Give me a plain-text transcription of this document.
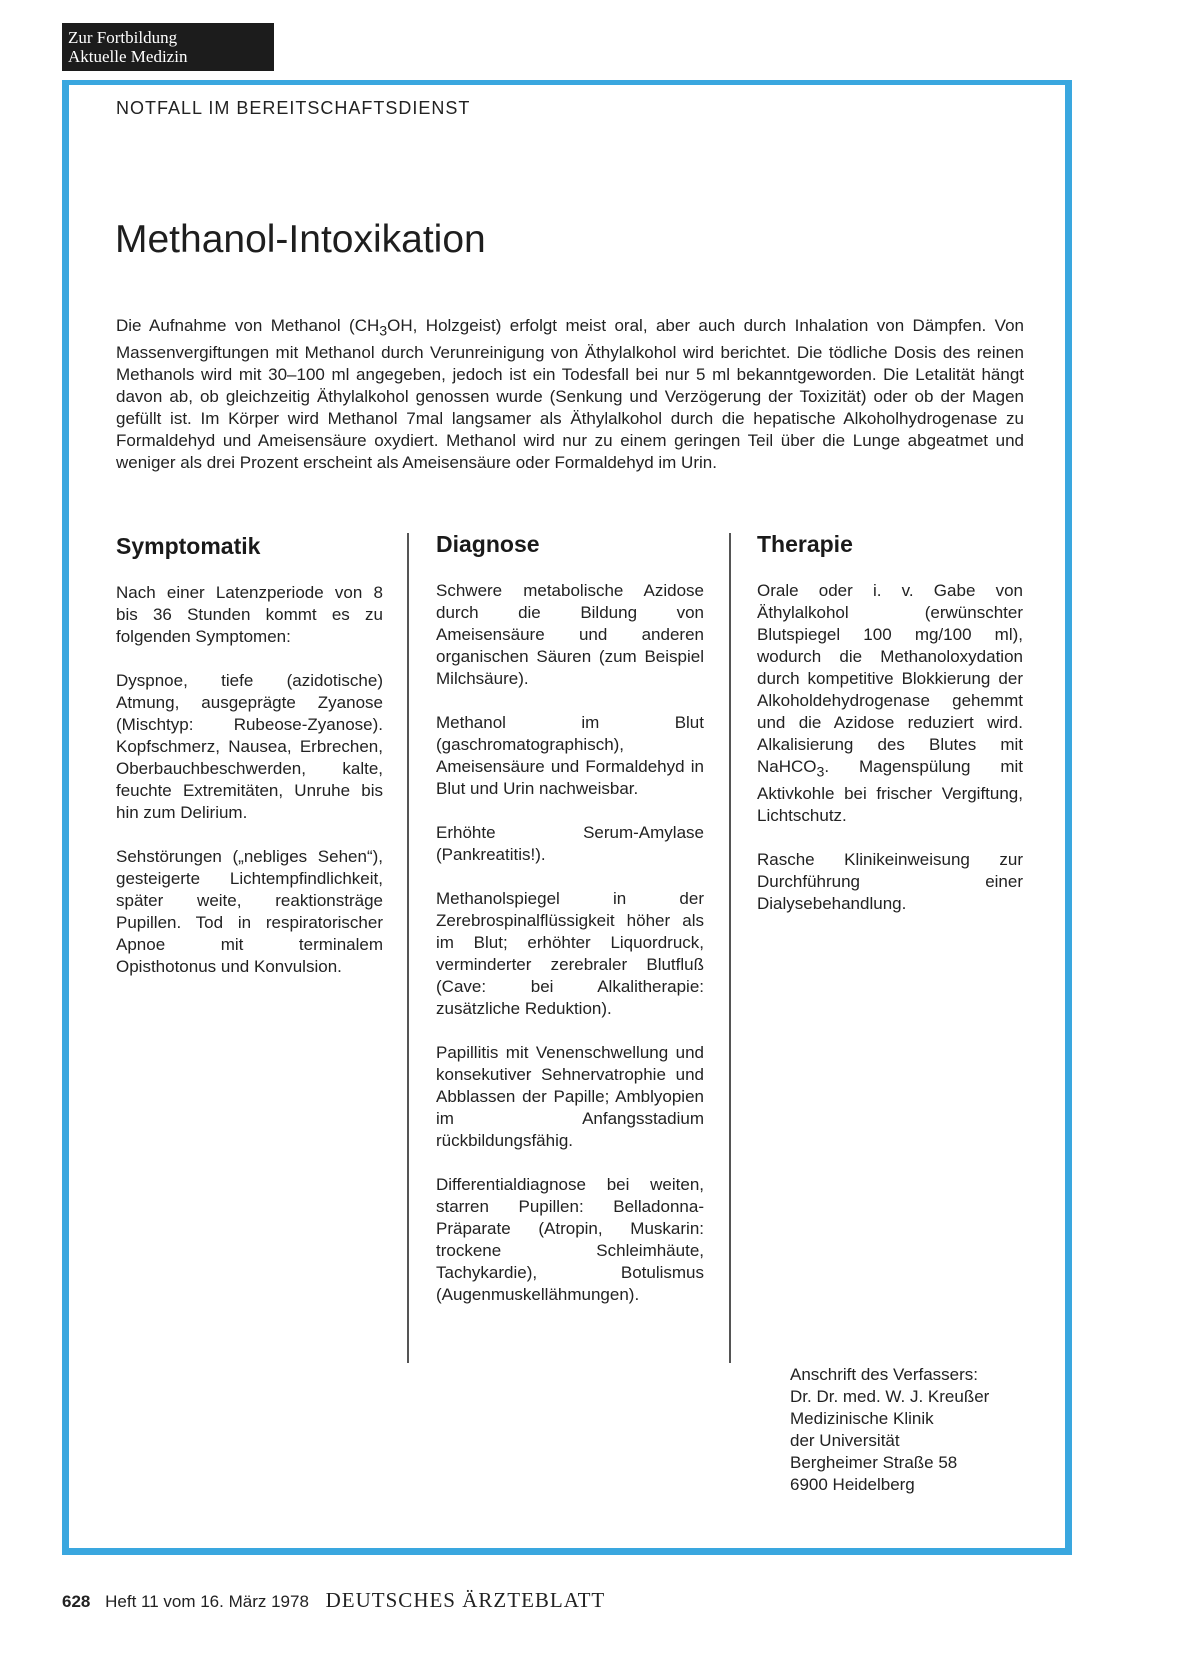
Zur Fortbildung
Aktuelle Medizin
NOTFALL IM BEREITSCHAFTSDIENST
Methanol-Intoxikation

Die Aufnahme von Methanol ($CH_3OH$, Holzgeist) erfolgt meist oral, aber auch durch Inhalation von Dämpfen. Von Massenvergiftungen mit Methanol durch Verunreinigung von Äthylalkohol wird berichtet. Die tödliche Dosis des reinen Methanols wird mit 30–100 ml angegeben, jedoch ist ein Todesfall bei nur 5 ml bekanntgeworden. Die Letalität hängt davon ab, ob gleichzeitig Äthylalkohol genossen wurde (Senkung und Verzögerung der Toxizität) oder ob der Magen gefüllt ist. Im Körper wird Methanol 7mal langsamer als Äthylalkohol durch die hepatische Alkoholhydrogenase zu Formaldehyd und Ameisensäure oxydiert. Methanol wird nur zu einem geringen Teil über die Lunge abgeatmet und weniger als drei Prozent erscheint als Ameisensäure oder Formaldehyd im Urin.

Symptomatik

Nach einer Latenzperiode von 8 bis 36 Stunden kommt es zu folgenden Symptomen:

Dyspnoe, tiefe (azidotische) Atmung, ausgeprägte Zyanose (Mischtyp: Rubeose-Zyanose). Kopfschmerz, Nausea, Erbrechen, Oberbauchbeschwerden, kalte, feuchte Extremitäten, Unruhe bis hin zum Delirium.

Sehstörungen („nebliges Sehen“), gesteigerte Lichtempfindlichkeit, später weite, reaktionsträge Pupillen. Tod in respiratorischer Apnoe mit terminalem Opisthotonus und Konvulsion.

Diagnose

Schwere metabolische Azidose durch die Bildung von Ameisensäure und anderen organischen Säuren (zum Beispiel Milchsäure).

Methanol im Blut (gaschromatographisch), Ameisensäure und Formaldehyd in Blut und Urin nachweisbar.

Erhöhte Serum-Amylase (Pankreatitis!).

Methanolspiegel in der Zerebrospinalflüssigkeit höher als im Blut; erhöhter Liquordruck, verminderter zerebraler Blutfluß (Cave: bei Alkalitherapie: zusätzliche Reduktion).

Papillitis mit Venenschwellung und konsekutiver Sehnervatrophie und Abblassen der Papille; Amblyopien im Anfangsstadium rückbildungsfähig.

Differentialdiagnose bei weiten, starren Pupillen: Belladonna-Präparate (Atropin, Muskarin: trockene Schleimhäute, Tachykardie), Botulismus (Augenmuskellähmungen).

Therapie

Orale oder i. v. Gabe von Äthylalkohol (erwünschter Blutspiegel 100 mg/100 ml), wodurch die Methanoloxydation durch kompetitive Blokkierung der Alkoholdehydrogenase gehemmt und die Azidose reduziert wird. Alkalisierung des Blutes mit NaHCO$_3$. Magenspülung mit Aktivkohle bei frischer Vergiftung, Lichtschutz.

Rasche Klinikeinweisung zur Durchführung einer Dialysebehandlung.

Anschrift des Verfassers:
Dr. Dr. med. W. J. Kreußer
Medizinische Klinik
der Universität
Bergheimer Straße 58
6900 Heidelberg
628 Heft 11 vom 16. März 1978 DEUTSCHES ÄRZTEBLATT
